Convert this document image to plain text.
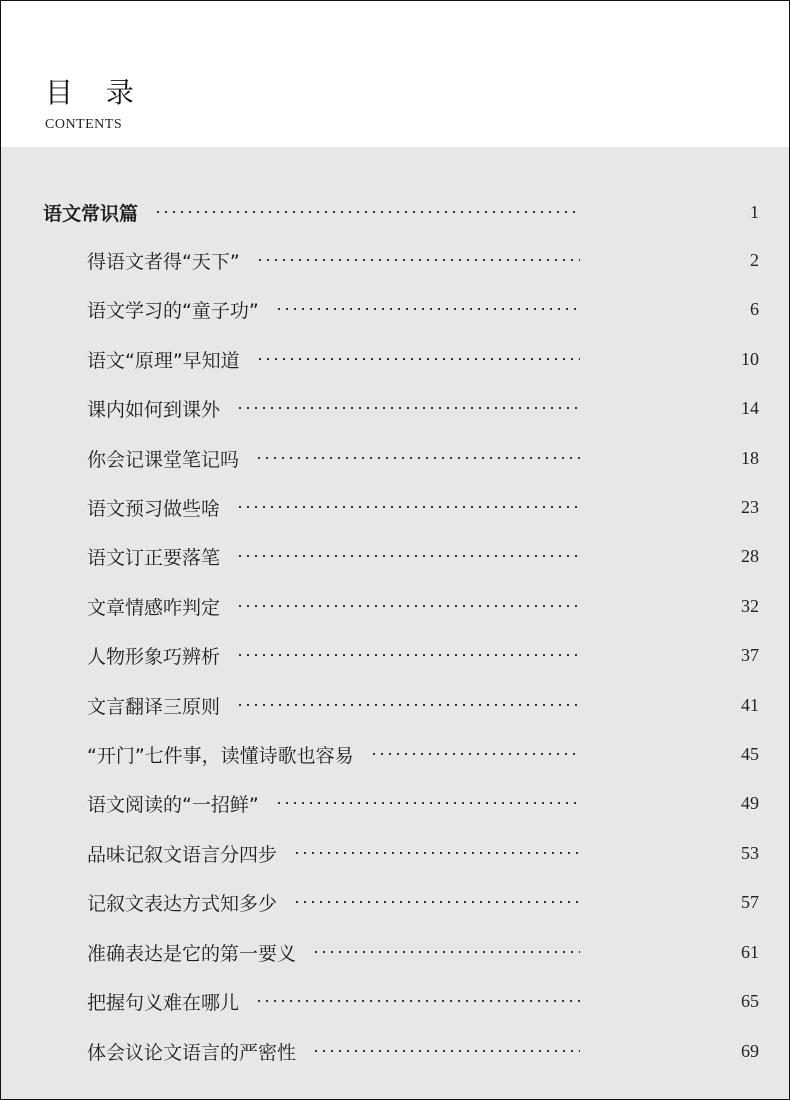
目 录
CONTENTS
语文常识篇	1
得语文者得“天下”	2
语文学习的“童子功”	6
语文“原理”早知道	10
课内如何到课外	14
你会记课堂笔记吗	18
语文预习做些啥	23
语文订正要落笔	28
文章情感咋判定	32
人物形象巧辨析	37
文言翻译三原则	41
“开门”七件事，读懂诗歌也容易	45
语文阅读的“一招鲜”	49
品味记叙文语言分四步	53
记叙文表达方式知多少	57
准确表达是它的第一要义	61
把握句义难在哪儿	65
体会议论文语言的严密性	69
